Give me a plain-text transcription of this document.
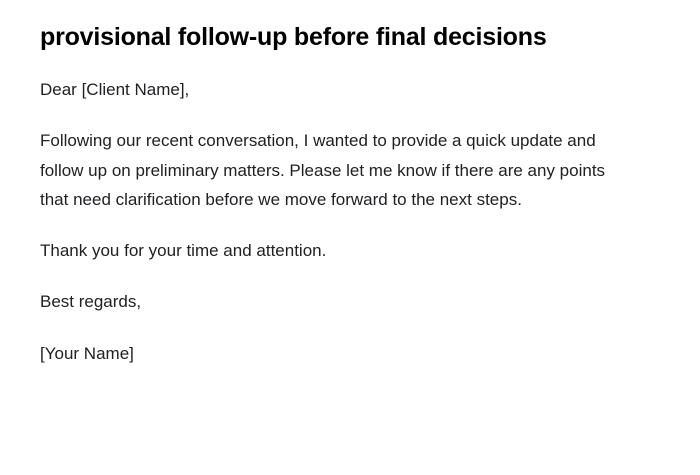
provisional follow-up before final decisions

Dear [Client Name],

Following our recent conversation, I wanted to provide a quick update and follow up on preliminary matters. Please let me know if there are any points that need clarification before we move forward to the next steps.

Thank you for your time and attention.

Best regards,

[Your Name]
